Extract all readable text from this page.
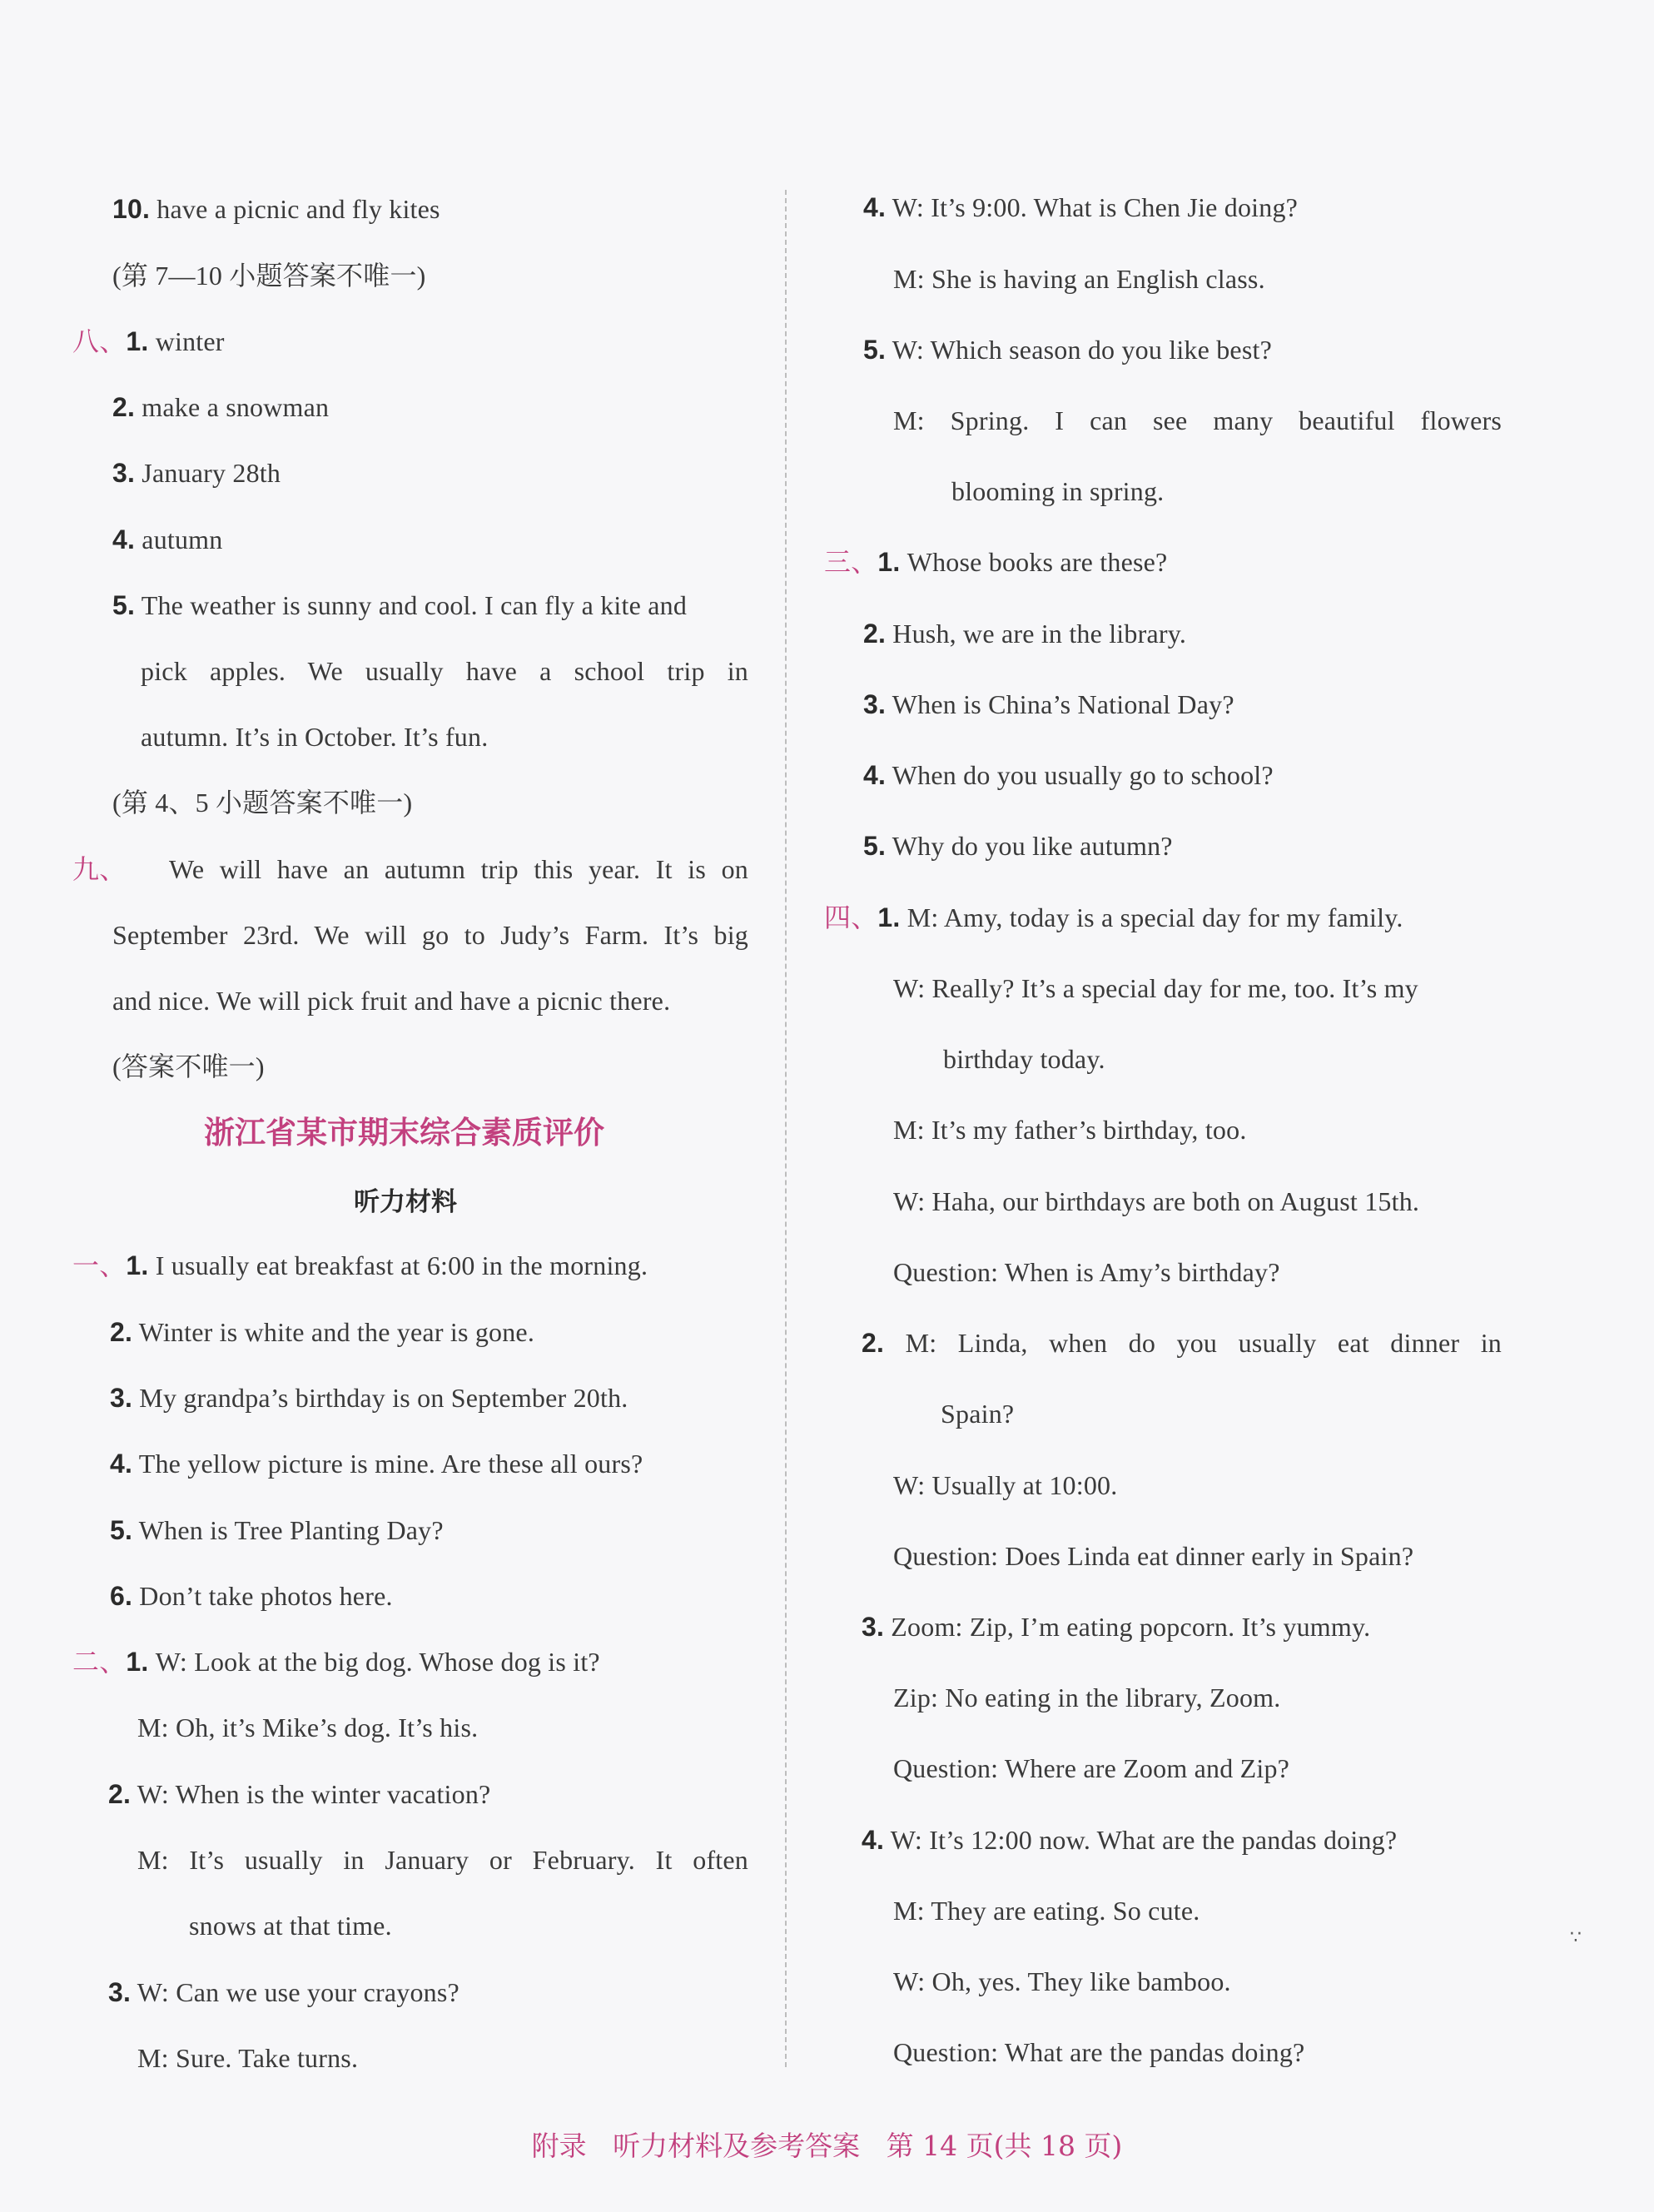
10. have a picnic and fly kites
(第 7—10 小题答案不唯一)
八、1. winter
2. make a snowman
3. January 28th
4. autumn
5. The weather is sunny and cool. I can fly a kite and
pick apples. We usually have a school trip in
autumn. It’s in October. It’s fun.
(第 4、5 小题答案不唯一)
九、 We will have an autumn trip this year. It is on
September 23rd. We will go to Judy’s Farm. It’s big
and nice. We will pick fruit and have a picnic there.
(答案不唯一)
浙江省某市期末综合素质评价
听力材料
一、1. I usually eat breakfast at 6:00 in the morning.
2. Winter is white and the year is gone.
3. My grandpa’s birthday is on September 20th.
4. The yellow picture is mine. Are these all ours?
5. When is Tree Planting Day?
6. Don’t take photos here.
二、1. W: Look at the big dog. Whose dog is it?
M: Oh, it’s Mike’s dog. It’s his.
2. W: When is the winter vacation?
M: It’s usually in January or February. It often
snows at that time.
3. W: Can we use your crayons?
M: Sure. Take turns.
4. W: It’s 9:00. What is Chen Jie doing?
M: She is having an English class.
5. W: Which season do you like best?
M: Spring. I can see many beautiful flowers
blooming in spring.
三、1. Whose books are these?
2. Hush, we are in the library.
3. When is China’s National Day?
4. When do you usually go to school?
5. Why do you like autumn?
四、1. M: Amy, today is a special day for my family.
W: Really? It’s a special day for me, too. It’s my
birthday today.
M: It’s my father’s birthday, too.
W: Haha, our birthdays are both on August 15th.
Question: When is Amy’s birthday?
2. M: Linda, when do you usually eat dinner in
Spain?
W: Usually at 10:00.
Question: Does Linda eat dinner early in Spain?
3. Zoom: Zip, I’m eating popcorn. It’s yummy.
Zip: No eating in the library, Zoom.
Question: Where are Zoom and Zip?
4. W: It’s 12:00 now. What are the pandas doing?
M: They are eating. So cute.
W: Oh, yes. They like bamboo.
Question: What are the pandas doing?
∵
附录   听力材料及参考答案   第 14 页(共 18 页)
